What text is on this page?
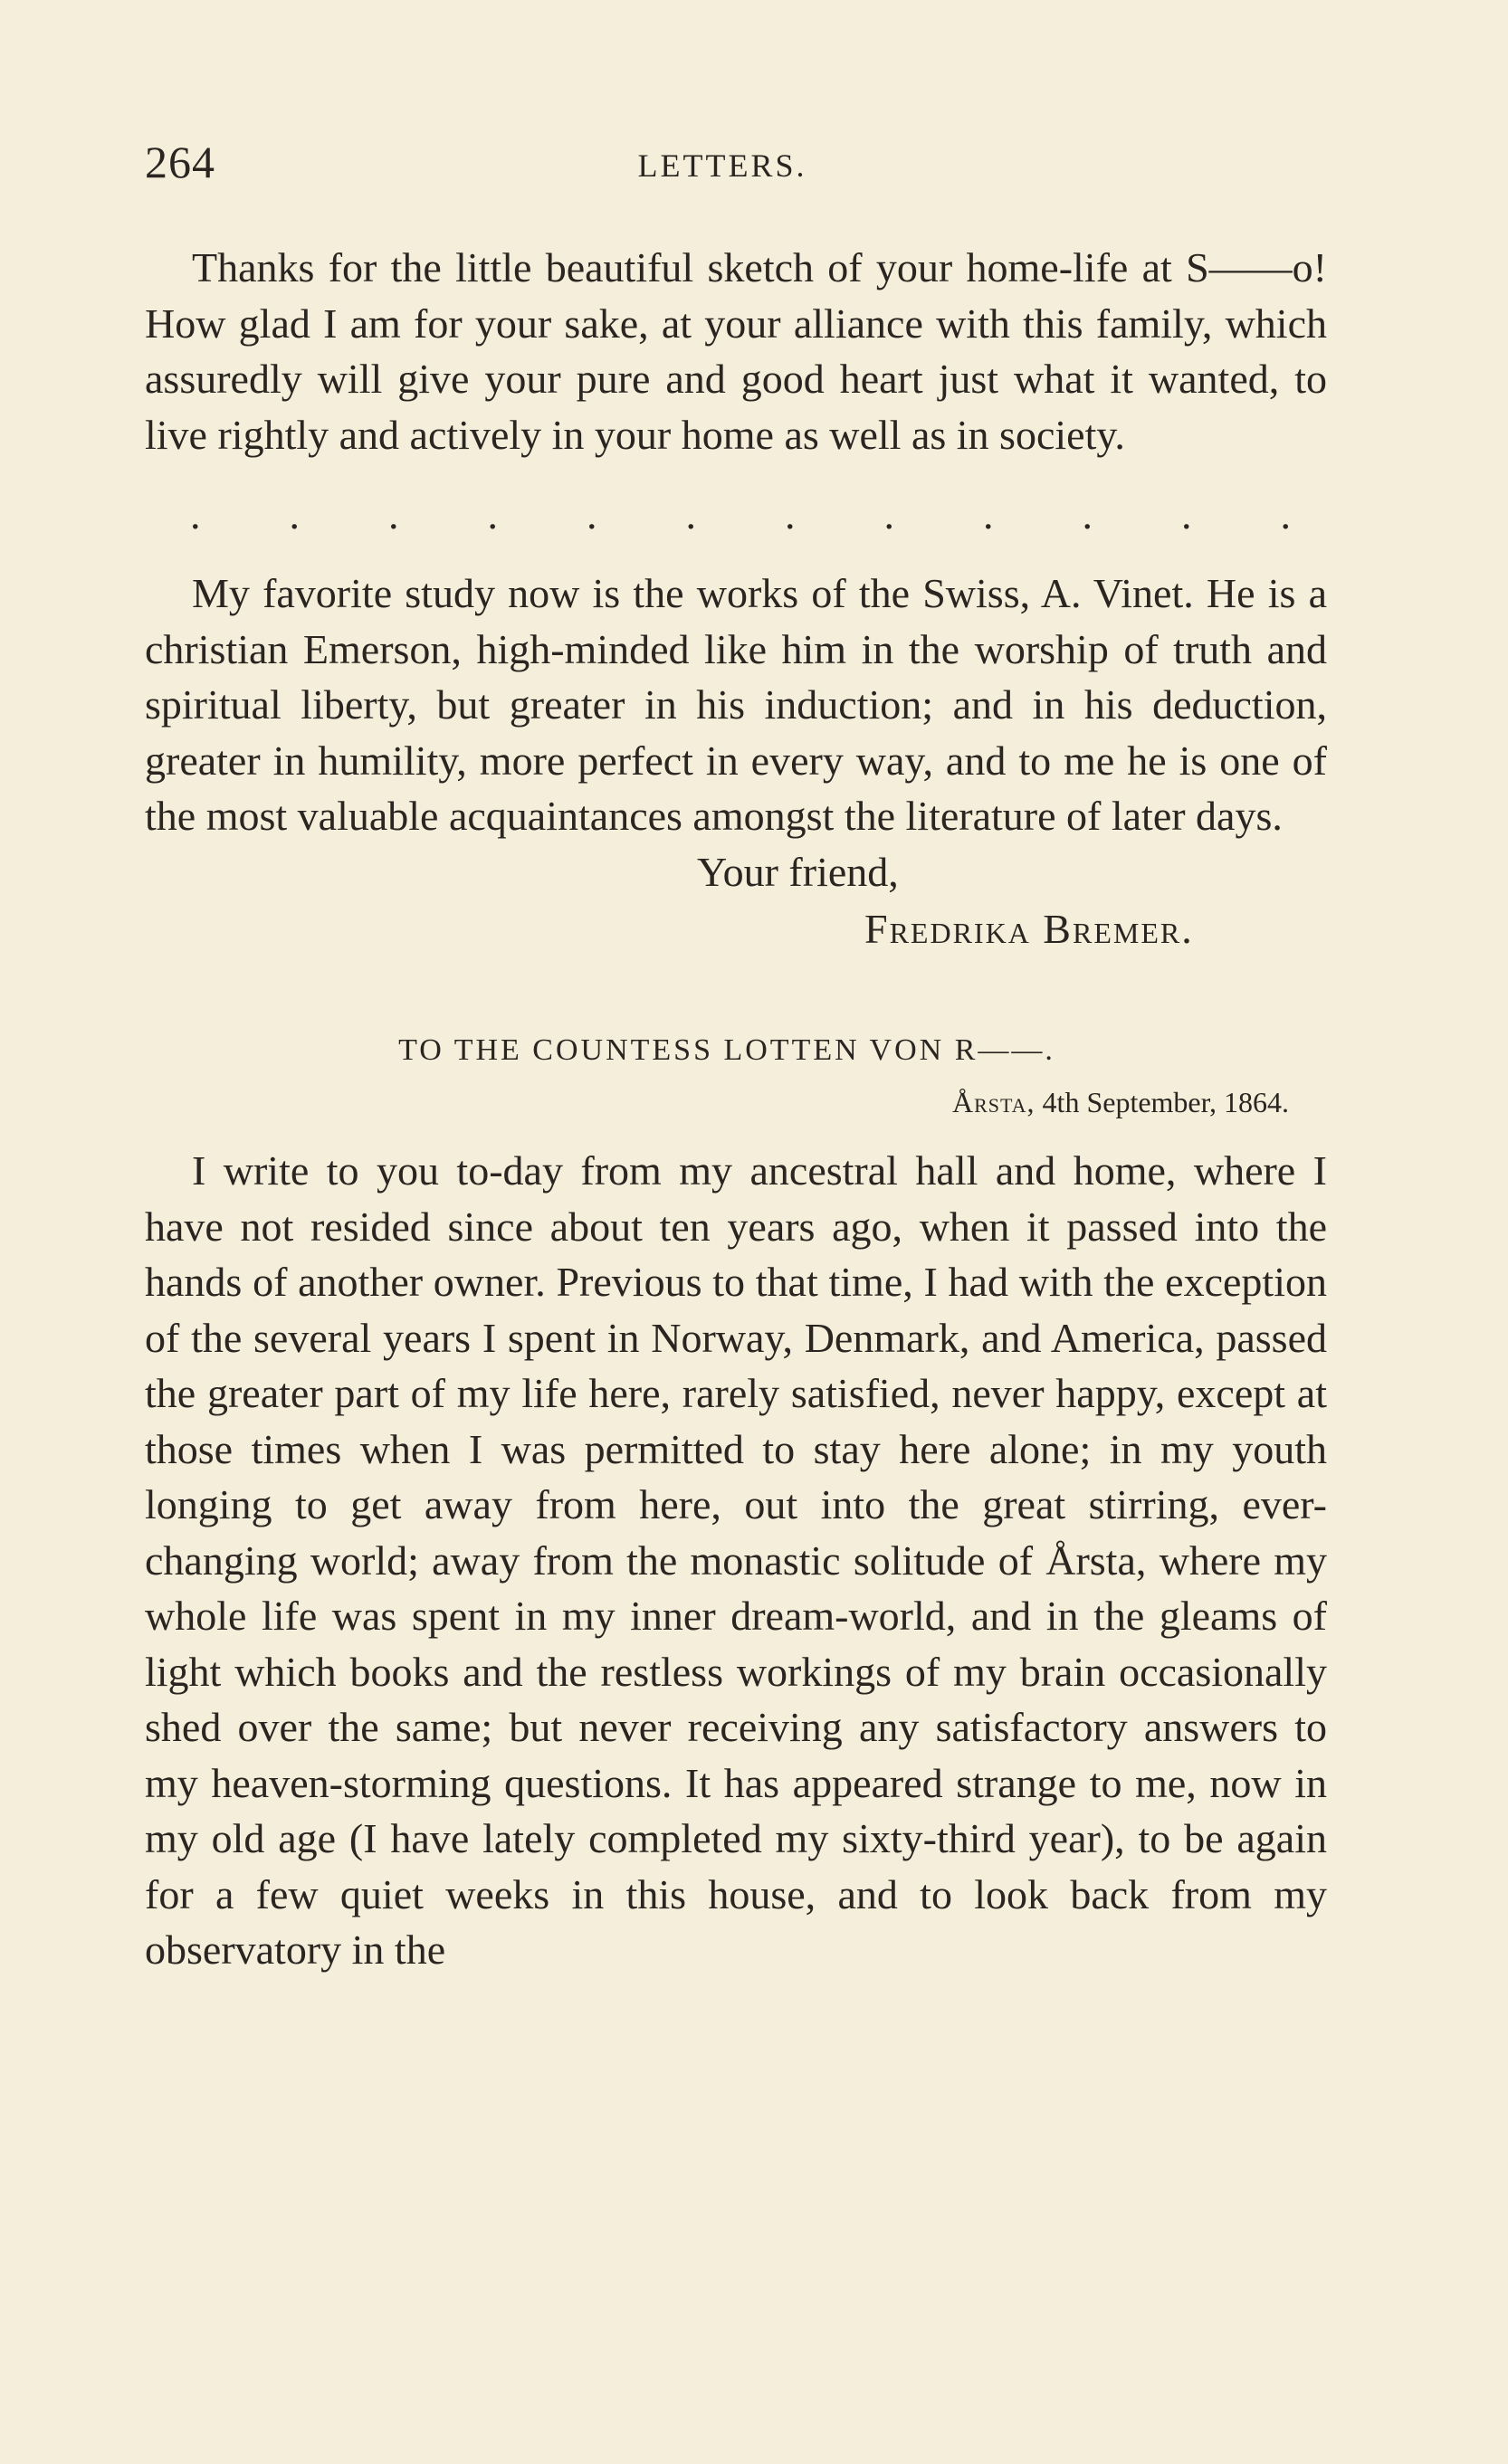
264	LETTERS.

Thanks for the little beautiful sketch of your home-life at S——o! How glad I am for your sake, at your alliance with this family, which assuredly will give your pure and good heart just what it wanted, to live rightly and actively in your home as well as in society.

. . . . . . . . . . . .

My favorite study now is the works of the Swiss, A. Vinet. He is a christian Emerson, high-minded like him in the worship of truth and spiritual liberty, but greater in his induction; and in his deduction, greater in humility, more perfect in every way, and to me he is one of the most valuable acquaintances amongst the literature of later days.

Your friend,
Fredrika Bremer.
TO THE COUNTESS LOTTEN VON R——.
Årsta, 4th September, 1864.

I write to you to-day from my ancestral hall and home, where I have not resided since about ten years ago, when it passed into the hands of another owner. Previous to that time, I had with the exception of the several years I spent in Norway, Denmark, and America, passed the greater part of my life here, rarely satisfied, never happy, except at those times when I was permitted to stay here alone; in my youth longing to get away from here, out into the great stirring, ever-changing world; away from the monastic solitude of Årsta, where my whole life was spent in my inner dream-world, and in the gleams of light which books and the restless workings of my brain occasionally shed over the same; but never receiving any satisfactory answers to my heaven-storming questions. It has appeared strange to me, now in my old age (I have lately completed my sixty-third year), to be again for a few quiet weeks in this house, and to look back from my observatory in the
